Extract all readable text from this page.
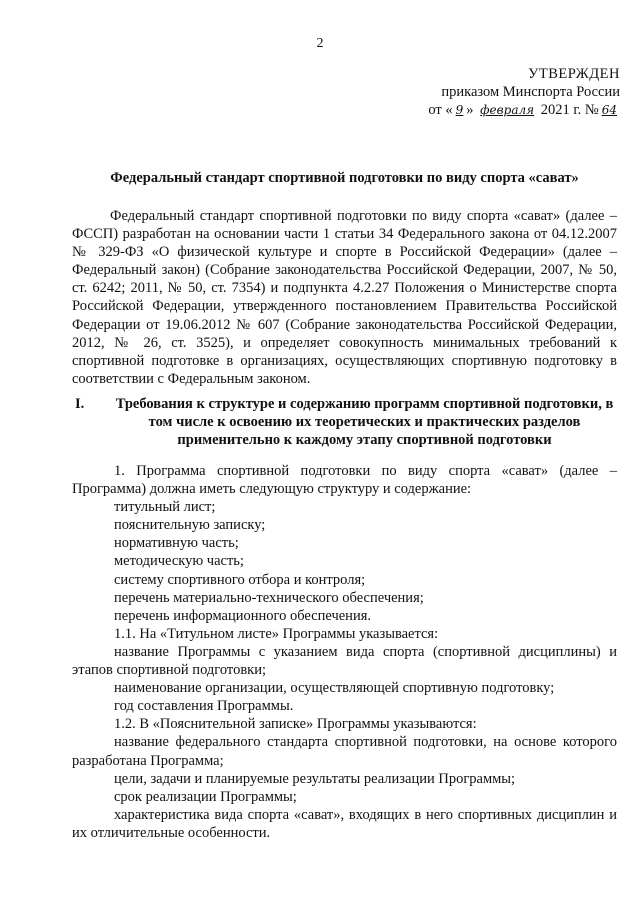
2
УТВЕРЖДЕН
приказом Минспорта России
от « 9 » февраля 2021 г. № 64
Федеральный стандарт спортивной подготовки по виду спорта «сават»

Федеральный стандарт спортивной подготовки по виду спорта «сават» (далее – ФССП) разработан на основании части 1 статьи 34 Федерального закона от 04.12.2007 № 329-ФЗ «О физической культуре и спорте в Российской Федерации» (далее – Федеральный закон) (Собрание законодательства Российской Федерации, 2007, № 50, ст. 6242; 2011, № 50, ст. 7354) и подпункта 4.2.27 Положения о Министерстве спорта Российской Федерации, утвержденного постановлением Правительства Российской Федерации от 19.06.2012 № 607 (Собрание законодательства Российской Федерации, 2012, № 26, ст. 3525), и определяет совокупность минимальных требований к спортивной подготовке в организациях, осуществляющих спортивную подготовку в соответствии с Федеральным законом.

I. Требования к структуре и содержанию программ спортивной подготовки, в том числе к освоению их теоретических и практических разделов применительно к каждому этапу спортивной подготовки

1. Программа спортивной подготовки по виду спорта «сават» (далее – Программа) должна иметь следующую структуру и содержание:

титульный лист;

пояснительную записку;

нормативную часть;

методическую часть;

систему спортивного отбора и контроля;

перечень материально-технического обеспечения;

перечень информационного обеспечения.

1.1. На «Титульном листе» Программы указывается:

название Программы с указанием вида спорта (спортивной дисциплины) и этапов спортивной подготовки;

наименование организации, осуществляющей спортивную подготовку;

год составления Программы.

1.2. В «Пояснительной записке» Программы указываются:

название федерального стандарта спортивной подготовки, на основе которого разработана Программа;

цели, задачи и планируемые результаты реализации Программы;

срок реализации Программы;

характеристика вида спорта «сават», входящих в него спортивных дисциплин и их отличительные особенности.
